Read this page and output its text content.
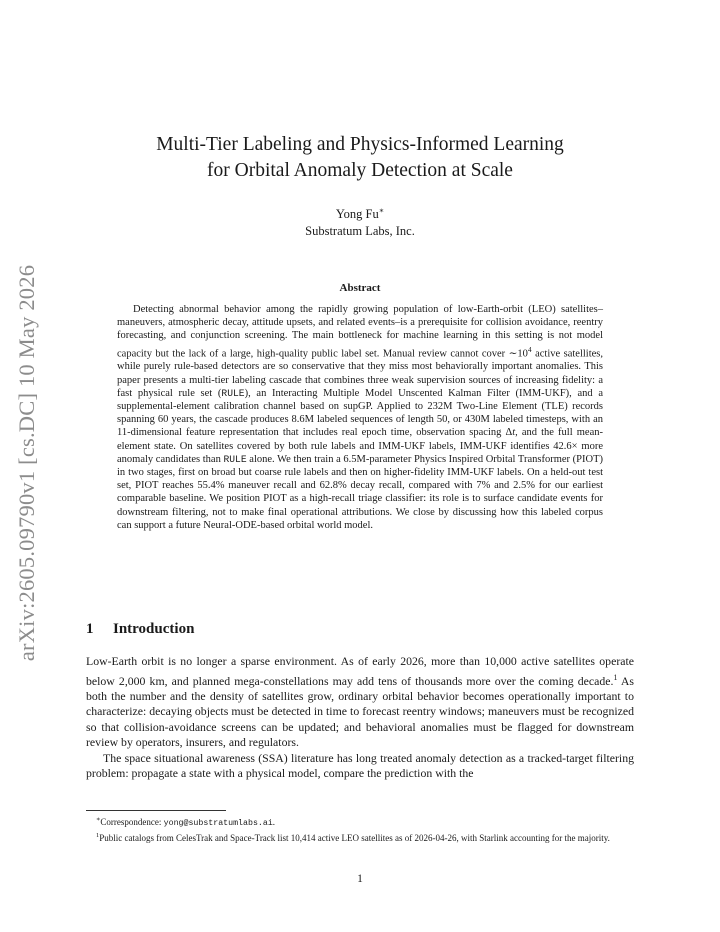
arXiv:2605.09790v1 [cs.DC] 10 May 2026
Multi-Tier Labeling and Physics-Informed Learning
for Orbital Anomaly Detection at Scale
Yong Fu∗
Substratum Labs, Inc.
Abstract
Detecting abnormal behavior among the rapidly growing population of low-Earth-orbit (LEO) satellites–maneuvers, atmospheric decay, attitude upsets, and related events–is a prerequisite for collision avoidance, reentry forecasting, and conjunction screening. The main bottleneck for machine learning in this setting is not model capacity but the lack of a large, high-quality public label set. Manual review cannot cover $\sim 10^4$ active satellites, while purely rule-based detectors are so conservative that they miss most behaviorally important anomalies. This paper presents a multi-tier labeling cascade that combines three weak supervision sources of increasing fidelity: a fast physical rule set (RULE), an Interacting Multiple Model Unscented Kalman Filter (IMM-UKF), and a supplemental-element calibration channel based on supGP. Applied to 232M Two-Line Element (TLE) records spanning 60 years, the cascade produces 8.6M labeled sequences of length 50, or 430M labeled timesteps, with an 11-dimensional feature representation that includes real epoch time, observation spacing Δt, and the full mean-element state. On satellites covered by both rule labels and IMM-UKF labels, IMM-UKF identifies 42.6× more anomaly candidates than RULE alone. We then train a 6.5M-parameter Physics Inspired Orbital Transformer (PIOT) in two stages, first on broad but coarse rule labels and then on higher-fidelity IMM-UKF labels. On a held-out test set, PIOT reaches 55.4% maneuver recall and 62.8% decay recall, compared with 7% and 2.5% for our earliest comparable baseline. We position PIOT as a high-recall triage classifier: its role is to surface candidate events for downstream filtering, not to make final operational attributions. We close by discussing how this labeled corpus can support a future Neural-ODE-based orbital world model.
1 Introduction

Low-Earth orbit is no longer a sparse environment. As of early 2026, more than 10,000 active satellites operate below 2,000 km, and planned mega-constellations may add tens of thousands more over the coming decade.$^1$ As both the number and the density of satellites grow, ordinary orbital behavior becomes operationally important to characterize: decaying objects must be detected in time to forecast reentry windows; maneuvers must be recognized so that collision-avoidance screens can be updated; and behavioral anomalies must be flagged for downstream review by operators, insurers, and regulators.

The space situational awareness (SSA) literature has long treated anomaly detection as a tracked-target filtering problem: propagate a state with a physical model, compare the prediction with the

∗Correspondence: yong@substratumlabs.ai.

$^1$Public catalogs from CelesTrak and Space-Track list 10,414 active LEO satellites as of 2026-04-26, with Starlink accounting for the majority.

1
